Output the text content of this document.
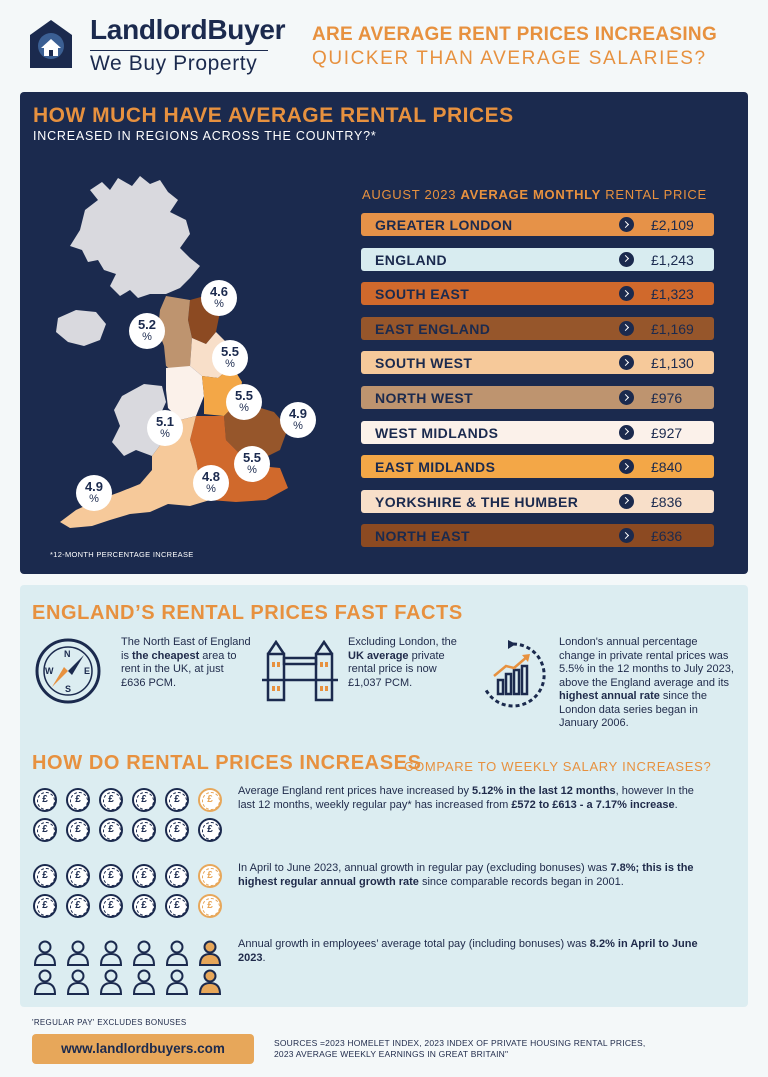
LandlordBuyer
We Buy Property
ARE AVERAGE RENT PRICES INCREASING
QUICKER THAN AVERAGE SALARIES?
HOW MUCH HAVE AVERAGE RENTAL PRICES
INCREASED IN REGIONS ACROSS THE COUNTRY?*
4.6
%
5.2
%
5.5
%
5.5
%
5.1
%
4.9
%
5.5
%
4.8
%
4.9
%
*12-MONTH PERCENTAGE INCREASE
AUGUST 2023 AVERAGE MONTHLY RENTAL PRICE
GREATER LONDON	£2,109
ENGLAND	£1,243
SOUTH EAST	£1,323
EAST ENGLAND	£1,169
SOUTH WEST	£1,130
NORTH WEST	£976
WEST MIDLANDS	£927
EAST MIDLANDS	£840
YORKSHIRE & THE HUMBER	£836
NORTH EAST	£636
ENGLAND’S RENTAL PRICES FAST FACTS
N
E
S
W
The North East of England is the cheapest area to rent in the UK, at just £636 PCM.
Excluding London, the UK average private rental price is now £1,037 PCM.
London's annual percentage change in private rental prices was 5.5% in the 12 months to July 2023, above the England average and its highest annual rate since the London data series began in January 2006.
HOW DO RENTAL PRICES INCREASES
COMPARE TO WEEKLY SALARY INCREASES?
£	£	£	£	£	£
£	£	£	£	£	£
£	£	£	£	£	£
£	£	£	£	£	£
Average England rent prices have increased by 5.12% in the last 12 months, however In the last 12 months, weekly regular pay* has increased from £572 to £613 - a 7.17% increase.
In April to June 2023, annual growth in regular pay (excluding bonuses) was 7.8%; this is the highest regular annual growth rate since comparable records began in 2001.
Annual growth in employees’ average total pay (including bonuses) was 8.2% in April to June 2023.
'REGULAR PAY' EXCLUDES BONUSES
www.landlordbuyers.com	SOURCES =2023 HOMELET INDEX, 2023 INDEX OF PRIVATE HOUSING RENTAL PRICES, 2023 AVERAGE WEEKLY EARNINGS IN GREAT BRITAIN"
